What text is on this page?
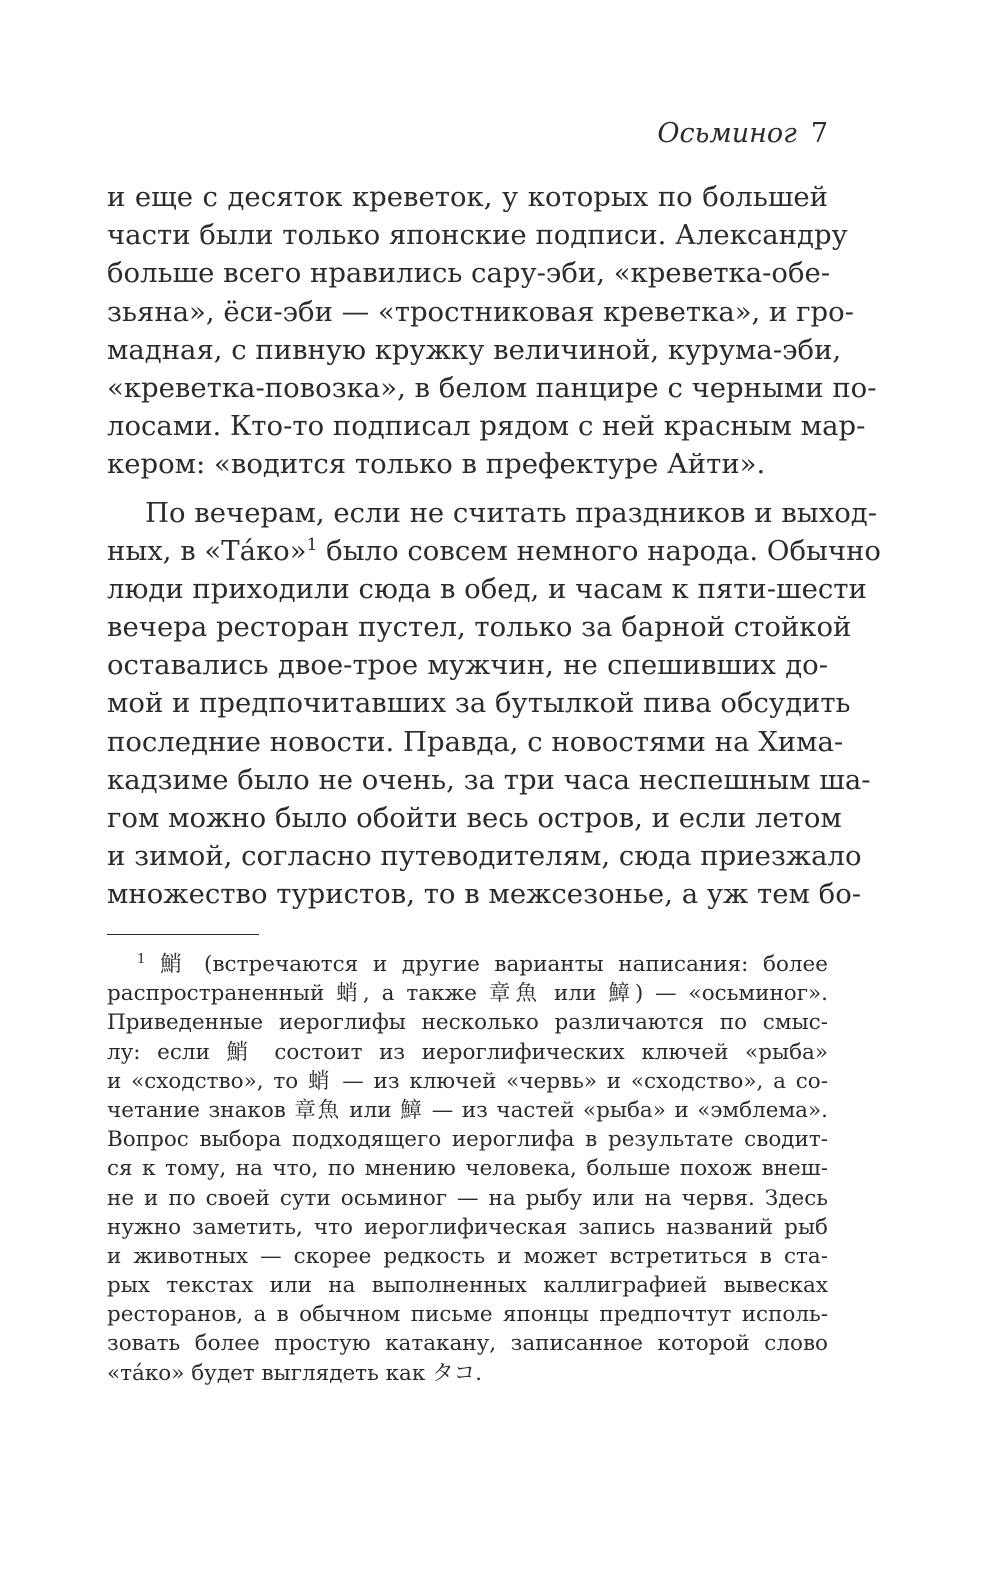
Осьминог 7
и еще с десяток креветок, у которых по большей
части были только японские подписи. Александру
больше всего нравились сару-эби, «креветка-обе-
зьяна», ёси-эби — «тростниковая креветка», и гро-
мадная, с пивную кружку величиной, курума-эби,
«креветка-повозка», в белом панцире с черными по-
лосами. Кто-то подписал рядом с ней красным мар-
кером: «водится только в префектуре Айти».
По вечерам, если не считать праздников и выход-
ных, в «Тáко»$^1$ было совсем немного народа. Обычно
люди приходили сюда в обед, и часам к пяти-шести
вечера ресторан пустел, только за барной стойкой
оставались двое-трое мужчин, не спешивших до-
мой и предпочитавших за бутылкой пива обсудить
последние новости. Правда, с новостями на Хима-
кадзиме было не очень, за три часа неспешным ша-
гом можно было обойти весь остров, и если летом
и зимой, согласно путеводителям, сюда приезжало
множество туристов, то в межсезонье, а уж тем бо-
$^1$ 鮹 (встречаются и другие варианты написания: более
распространенный 蛸, а также 章魚 или 鱆) — «осьминог».
Приведенные иероглифы несколько различаются по смыс-
лу: если 鮹 состоит из иероглифических ключей «рыба»
и «сходство», то 蛸 — из ключей «червь» и «сходство», а со-
четание знаков 章魚 или 鱆 — из частей «рыба» и «эмблема».
Вопрос выбора подходящего иероглифа в результате сводит-
ся к тому, на что, по мнению человека, больше похож внеш-
не и по своей сути осьминог — на рыбу или на червя. Здесь
нужно заметить, что иероглифическая запись названий рыб
и животных — скорее редкость и может встретиться в ста-
рых текстах или на выполненных каллиграфией вывесках
ресторанов, а в обычном письме японцы предпочтут исполь-
зовать более простую катакану, записанное которой слово
«тáко» будет выглядеть как タコ.
